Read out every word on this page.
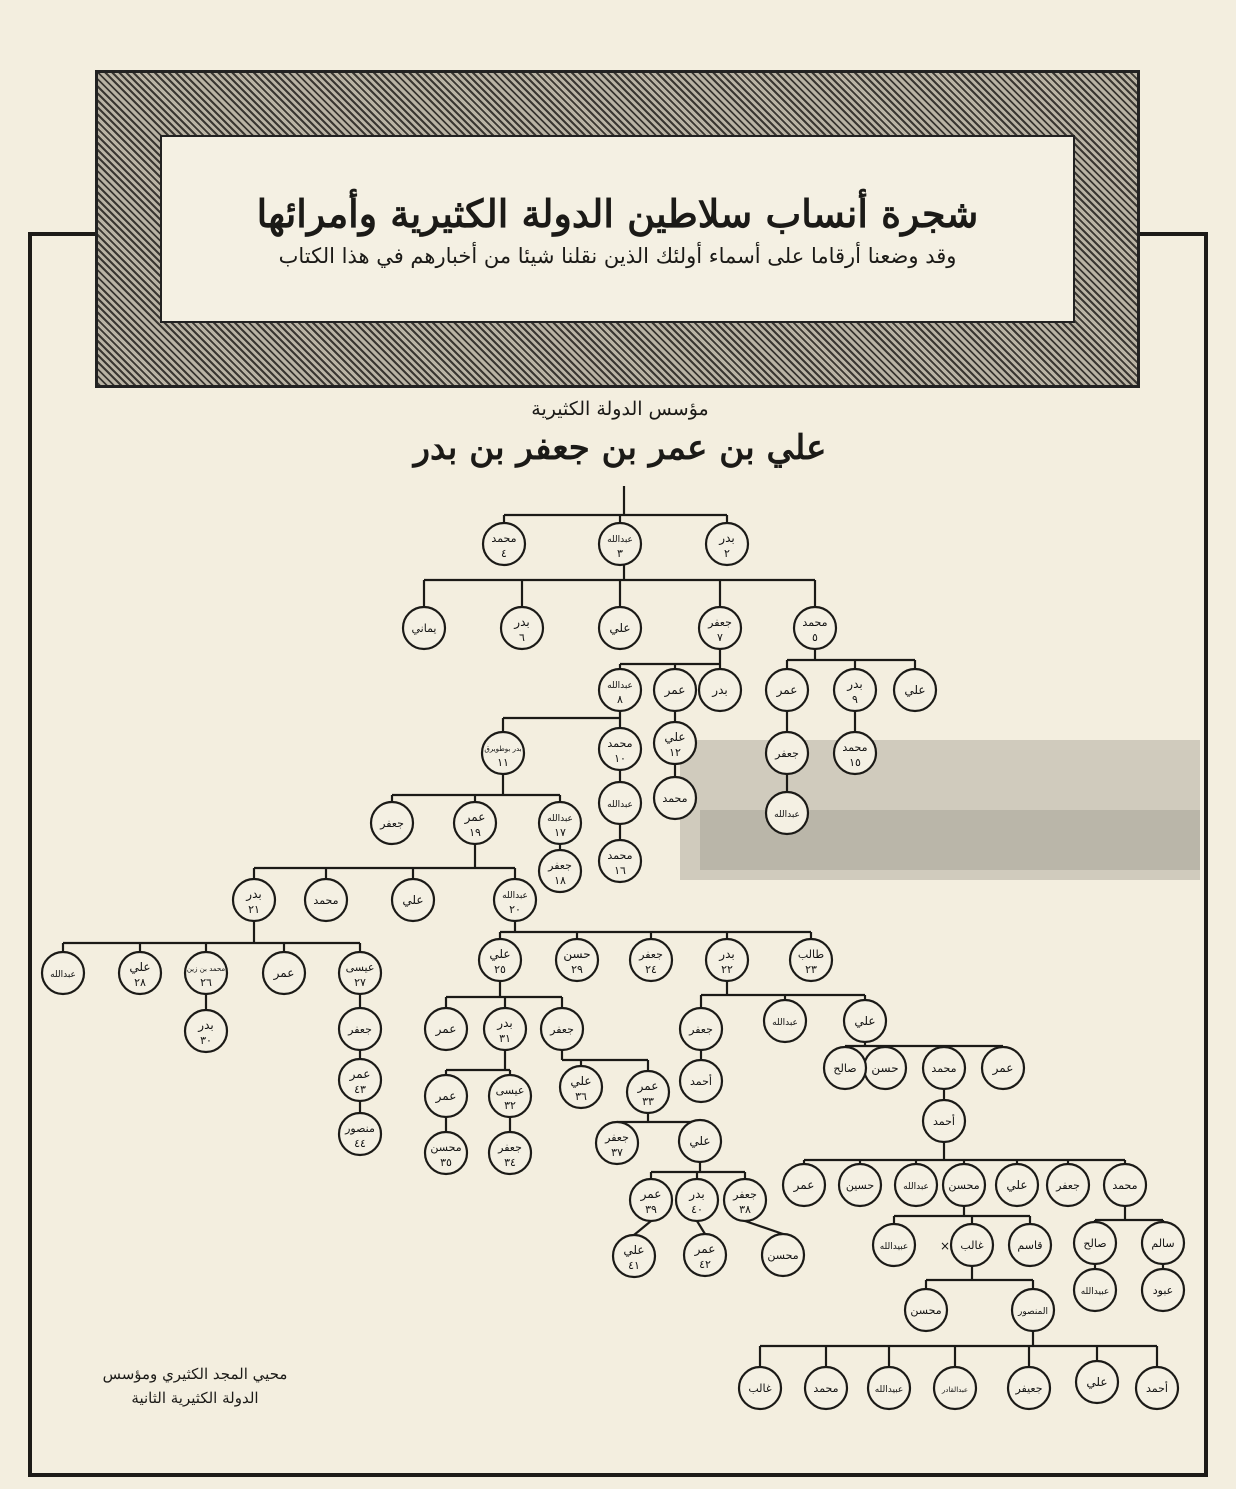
شجرة أنساب سلاطين الدولة الكثيرية وأمرائها
وقد وضعنا أرقاما على أسماء أولئك الذين نقلنا شيئا من أخبارهم في هذا الكتاب
مؤسس الدولة الكثيرية
علي بن عمر بن جعفر بن بدر
بدر
٢
عبدالله
٣
محمد
٤
محمد
٥
جعفر
٧
علي
بدر
٦
يماني
علي
بدر
٩
عمر
بدر
عمر
عبدالله
٨
محمد
١٥
جعفر
عبدالله
علي
١٢
محمد
محمد
١٠
عبدالله
محمد
١٦
بدر بوطويرق
١١
عبدالله
١٧
عمر
١٩
جعفر
جعفر
١٨
عبدالله
٢٠
علي
محمد
بدر
٢١
عيسى
٢٧
عمر
محمد بن زين
٢٦
علي
٢٨
عبدالله
بدر
٣٠
جعفر
عمر
٤٣
منصور
٤٤
طالب
٢٣
بدر
٢٢
جعفر
٢٤
حسن
٢٩
علي
٢٥
علي
عبدالله
جعفر
أحمد
جعفر
بدر
٣١
عمر
عمر
٣٣
علي
٣٦
عيسى
٣٢
عمر
جعفر
٣٤
محسن
٣٥
علي
جعفر
٣٧
جعفر
٣٨
بدر
٤٠
عمر
٣٩
محسن
عمر
٤٢
علي
٤١
عمر
محمد
حسن
صالح
أحمد
محمد
جعفر
علي
محسن
عبدالله
حسين
عمر
سالم
صالح
قاسم
غالب
عبيدالله
عبود
عبيدالله
المنصور
محسن
أحمد
علي
جعيفر
عبدالقادر
عبيدالله
محمد
غالب
×
محيي المجد الكثيري ومؤسس
الدولة الكثيرية الثانية
